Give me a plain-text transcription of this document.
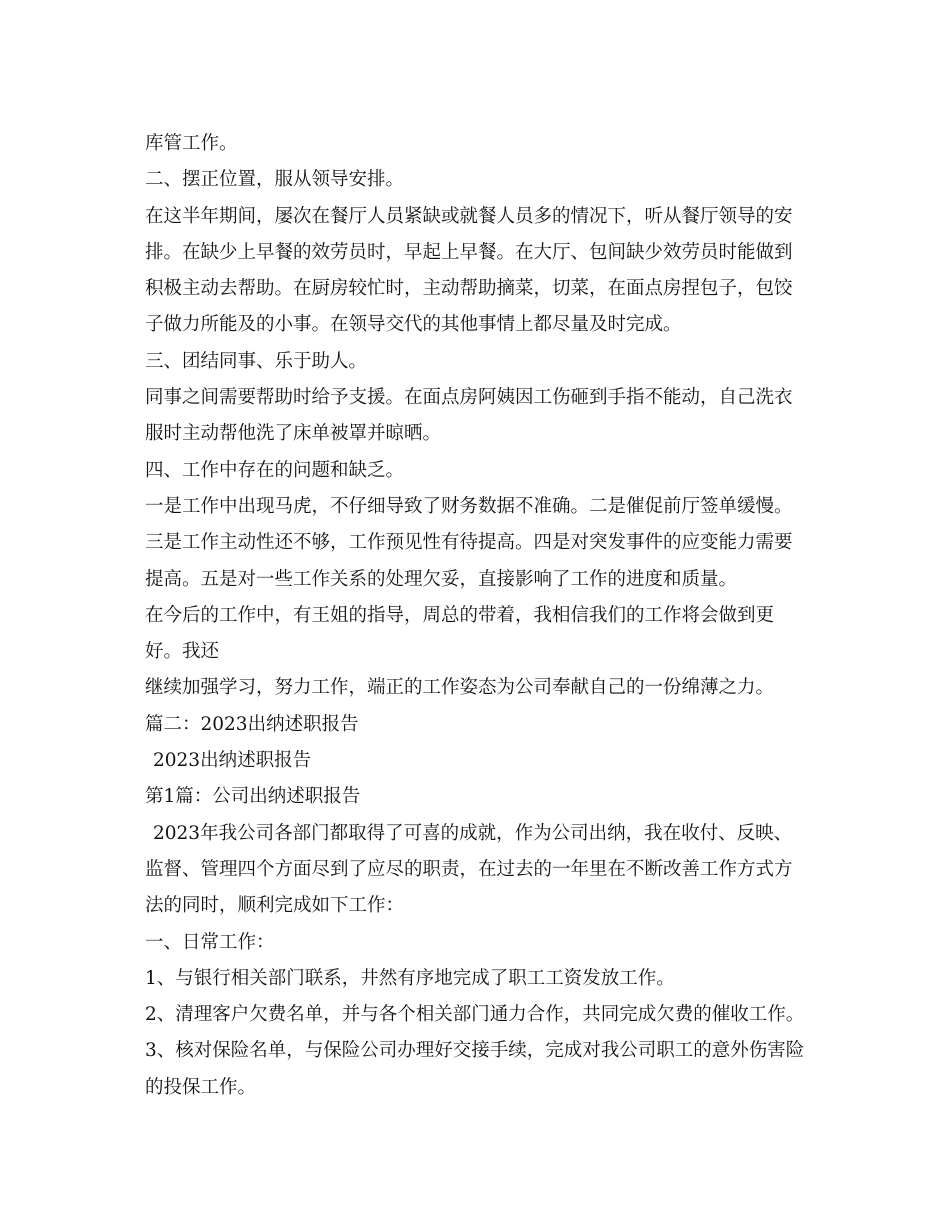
库管工作。
二、摆正位置，服从领导安排。
在这半年期间，屡次在餐厅人员紧缺或就餐人员多的情况下，听从餐厅领导的安
排。在缺少上早餐的效劳员时，早起上早餐。在大厅、包间缺少效劳员时能做到
积极主动去帮助。在厨房较忙时，主动帮助摘菜，切菜，在面点房捏包子，包饺
子做力所能及的小事。在领导交代的其他事情上都尽量及时完成。
三、团结同事、乐于助人。
同事之间需要帮助时给予支援。在面点房阿姨因工伤砸到手指不能动，自己洗衣
服时主动帮他洗了床单被罩并晾晒。
四、工作中存在的问题和缺乏。
一是工作中出现马虎，不仔细导致了财务数据不准确。二是催促前厅签单缓慢。
三是工作主动性还不够，工作预见性有待提高。四是对突发事件的应变能力需要
提高。五是对一些工作关系的处理欠妥，直接影响了工作的进度和质量。
在今后的工作中，有王姐的指导，周总的带着，我相信我们的工作将会做到更
好。我还
继续加强学习，努力工作，端正的工作姿态为公司奉献自己的一份绵薄之力。
篇二：2023出纳述职报告
2023出纳述职报告
第1篇：公司出纳述职报告
2023年我公司各部门都取得了可喜的成就，作为公司出纳，我在收付、反映、
监督、管理四个方面尽到了应尽的职责，在过去的一年里在不断改善工作方式方
法的同时，顺利完成如下工作：
一、日常工作：
1、与银行相关部门联系，井然有序地完成了职工工资发放工作。
2、清理客户欠费名单，并与各个相关部门通力合作，共同完成欠费的催收工作。
3、核对保险名单，与保险公司办理好交接手续，完成对我公司职工的意外伤害险
的投保工作。
